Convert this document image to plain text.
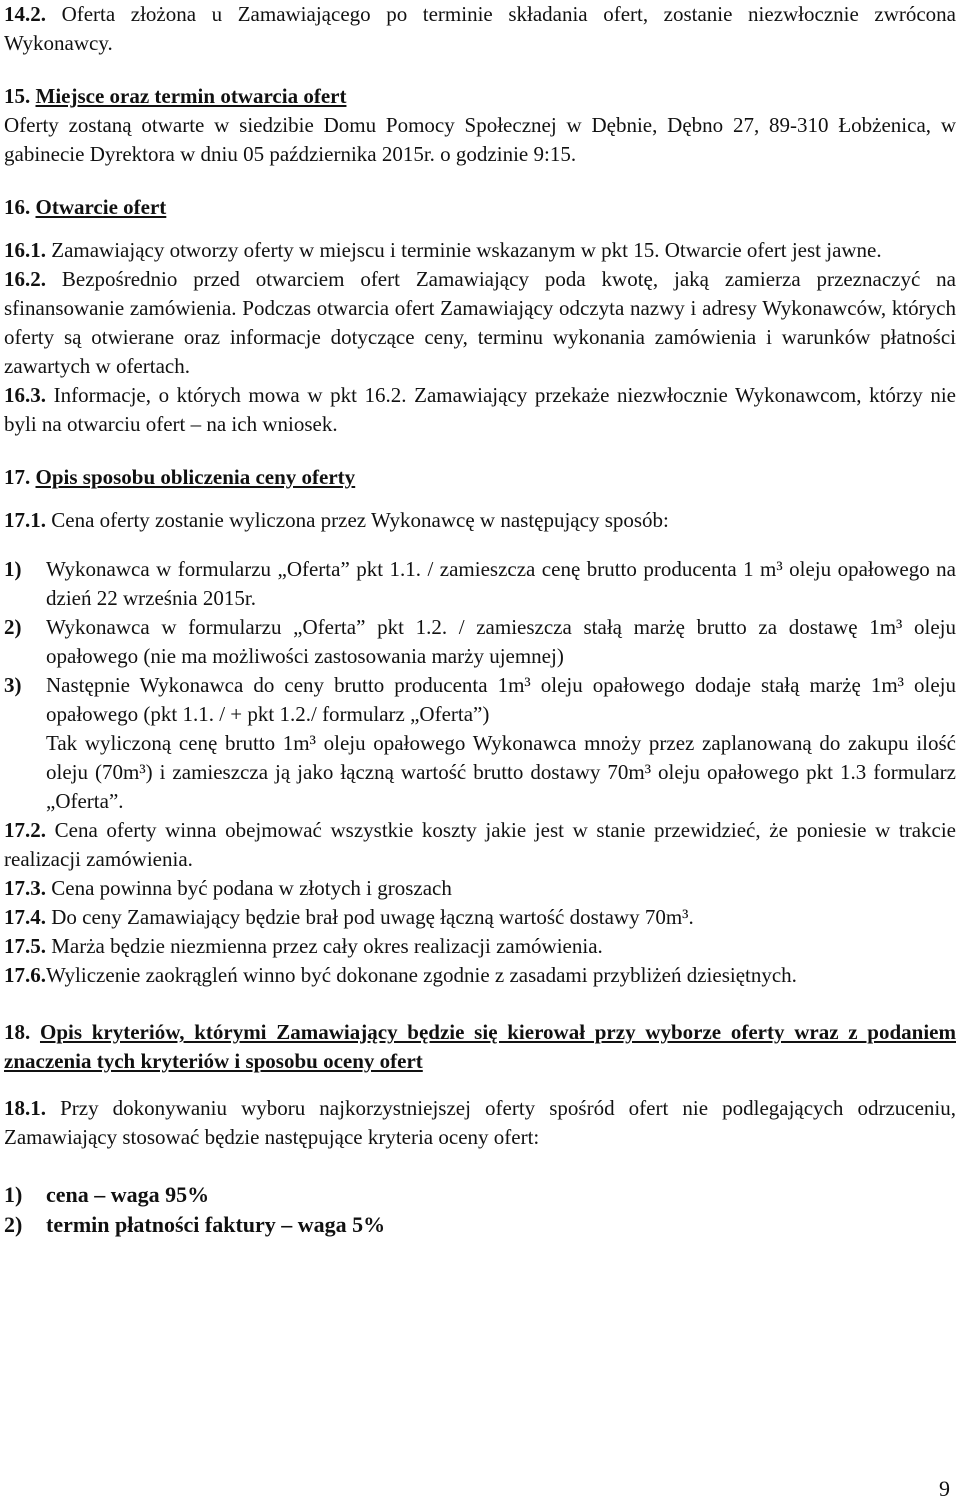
14.2. Oferta złożona u Zamawiającego po terminie składania ofert, zostanie niezwłocznie zwrócona Wykonawcy.

15. Miejsce oraz termin otwarcia ofert

Oferty zostaną otwarte w siedzibie Domu Pomocy Społecznej w Dębnie, Dębno 27, 89-310 Łobżenica, w gabinecie Dyrektora w dniu 05 października 2015r. o godzinie 9:15.

16. Otwarcie ofert

16.1. Zamawiający otworzy oferty w miejscu i terminie wskazanym w pkt 15. Otwarcie ofert jest jawne.

16.2. Bezpośrednio przed otwarciem ofert Zamawiający poda kwotę, jaką zamierza przeznaczyć na sfinansowanie zamówienia. Podczas otwarcia ofert Zamawiający odczyta nazwy i adresy Wykonawców, których oferty są otwierane oraz informacje dotyczące ceny, terminu wykonania zamówienia i warunków płatności zawartych w ofertach.

16.3. Informacje, o których mowa w pkt 16.2. Zamawiający przekaże niezwłocznie Wykonawcom, którzy nie byli na otwarciu ofert – na ich wniosek.

17. Opis sposobu obliczenia ceny oferty

17.1. Cena oferty zostanie wyliczona przez Wykonawcę w następujący sposób:

1)	Wykonawca w formularzu „Oferta” pkt 1.1. / zamieszcza cenę brutto producenta 1 m³ oleju opałowego na dzień 22 września 2015r.
2)	Wykonawca w formularzu „Oferta” pkt 1.2. / zamieszcza stałą marżę brutto za dostawę 1m³ oleju opałowego (nie ma możliwości zastosowania marży ujemnej)
3)	Następnie Wykonawca do ceny brutto producenta 1m³ oleju opałowego dodaje stałą marżę 1m³ oleju opałowego (pkt 1.1. / + pkt 1.2./ formularz „Oferta”)

Tak wyliczoną cenę brutto 1m³ oleju opałowego Wykonawca mnoży przez zaplanowaną do zakupu ilość oleju (70m³) i zamieszcza ją jako łączną wartość brutto dostawy 70m³ oleju opałowego pkt 1.3 formularz „Oferta”.

17.2. Cena oferty winna obejmować wszystkie koszty jakie jest w stanie przewidzieć, że poniesie w trakcie realizacji zamówienia.

17.3. Cena powinna być podana w złotych i groszach

17.4. Do ceny Zamawiający będzie brał pod uwagę łączną wartość dostawy 70m³.

17.5. Marża będzie niezmienna przez cały okres realizacji zamówienia.

17.6.Wyliczenie zaokrągleń winno być dokonane zgodnie z zasadami przybliżeń dziesiętnych.

18. Opis kryteriów, którymi Zamawiający będzie się kierował przy wyborze oferty wraz z podaniem znaczenia tych kryteriów i sposobu oceny ofert

18.1. Przy dokonywaniu wyboru najkorzystniejszej oferty spośród ofert nie podlegających odrzuceniu, Zamawiający stosować będzie następujące kryteria oceny ofert:

1) cena – waga 95%
2) termin płatności faktury – waga 5%
9
